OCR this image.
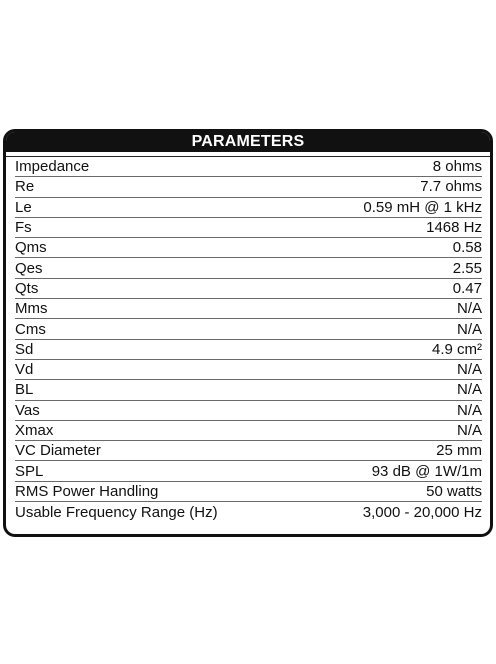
PARAMETERS
Impedance	8 ohms
Re	7.7 ohms
Le	0.59 mH @ 1 kHz
Fs	1468 Hz
Qms	0.58
Qes	2.55
Qts	0.47
Mms	N/A
Cms	N/A
Sd	4.9 cm²
Vd	N/A
BL	N/A
Vas	N/A
Xmax	N/A
VC Diameter	25 mm
SPL	93 dB @ 1W/1m
RMS Power Handling	50 watts
Usable Frequency Range (Hz)	3,000 - 20,000 Hz
